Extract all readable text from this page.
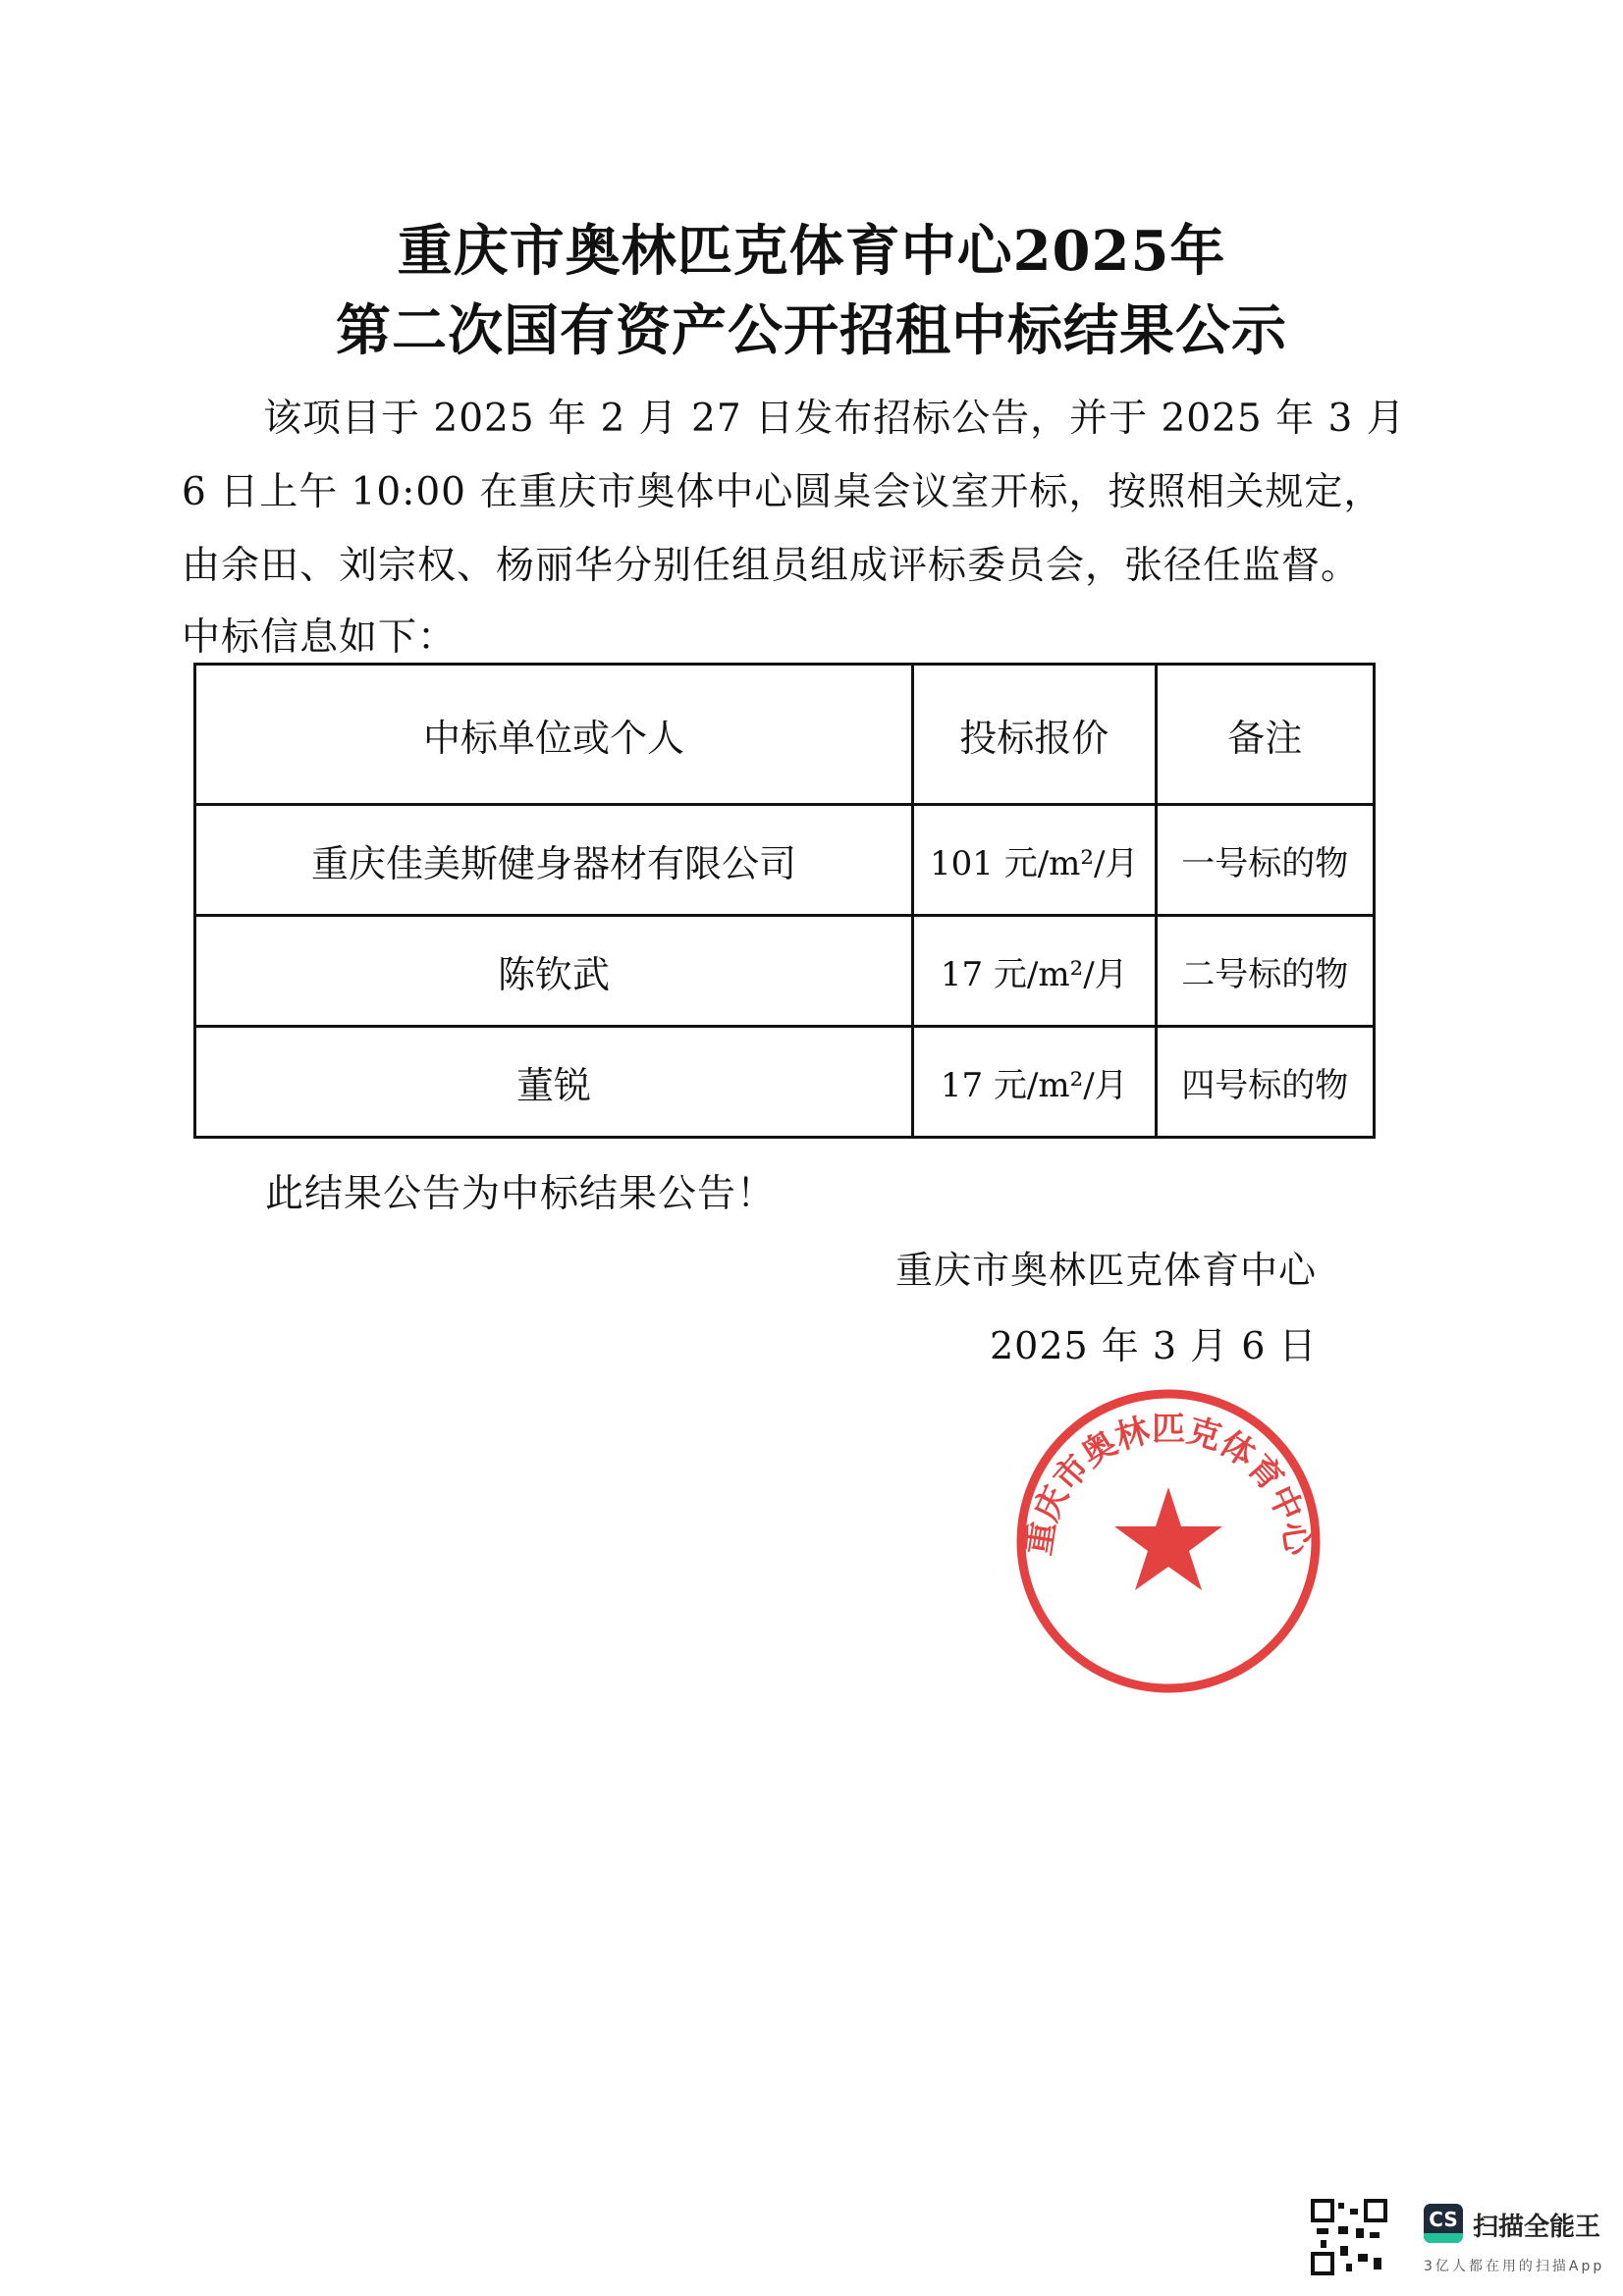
重庆市奥林匹克体育中心2025年
第二次国有资产公开招租中标结果公示
该项目于 2025 年 2 月 27 日发布招标公告，并于 2025 年 3 月
6 日上午 10:00 在重庆市奥体中心圆桌会议室开标，按照相关规定，
由余田、刘宗权、杨丽华分别任组员组成评标委员会，张径任监督。
中标信息如下：
中标单位或个人	投标报价	备注
重庆佳美斯健身器材有限公司	101 元/m²/月	一号标的物
陈钦武	17 元/m²/月	二号标的物
董锐	17 元/m²/月	四号标的物
此结果公告为中标结果公告！
重庆市奥林匹克体育中心
2025 年 3 月 6 日
重庆市奥林匹克体育中心
CS 扫描全能王
3亿人都在用的扫描App
